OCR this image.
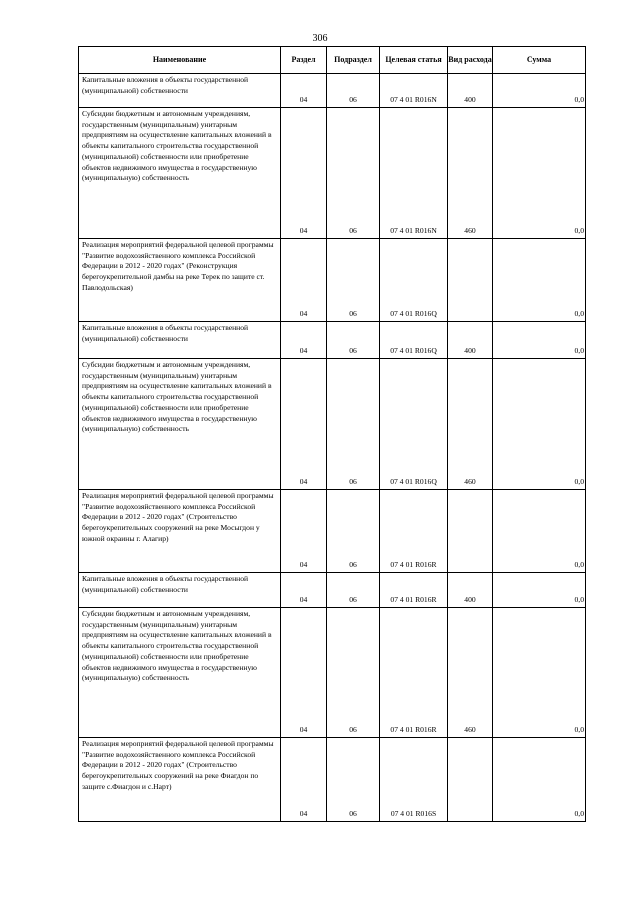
306
Наименование	Раздел	Подраздел	Целевая статья	Вид расхода	Сумма
Капитальные вложения в объекты государственной (муниципальной) собственности	04	06	07 4 01 R016N	400	0,0
Субсидии бюджетным и автономным учреждениям, государственным (муниципальным) унитарным предприятиям на осуществление капитальных вложений в объекты капитального строительства государственной (муниципальной) собственности или приобретение объектов недвижимого имущества в государственную (муниципальную) собственность	04	06	07 4 01 R016N	460	0,0
Реализация мероприятий федеральной целевой программы "Развитие водохозяйственного комплекса Российской Федерации в 2012 - 2020 годах" (Реконструкция берегоукрепительной дамбы на реке Терек по защите ст. Павлодольская)	04	06	07 4 01 R016Q		0,0
Капитальные вложения в объекты государственной (муниципальной) собственности	04	06	07 4 01 R016Q	400	0,0
Субсидии бюджетным и автономным учреждениям, государственным (муниципальным) унитарным предприятиям на осуществление капитальных вложений в объекты капитального строительства государственной (муниципальной) собственности или приобретение объектов недвижимого имущества в государственную (муниципальную) собственность	04	06	07 4 01 R016Q	460	0,0
Реализация мероприятий федеральной целевой программы "Развитие водохозяйственного комплекса Российской Федерации в 2012 - 2020 годах" (Строительство берегоукрепительных сооружений на реке Мосыгдон у южной окраины г. Алагир)	04	06	07 4 01 R016R		0,0
Капитальные вложения в объекты государственной (муниципальной) собственности	04	06	07 4 01 R016R	400	0,0
Субсидии бюджетным и автономным учреждениям, государственным (муниципальным) унитарным предприятиям на осуществление капитальных вложений в объекты капитального строительства государственной (муниципальной) собственности или приобретение объектов недвижимого имущества в государственную (муниципальную) собственность	04	06	07 4 01 R016R	460	0,0
Реализация мероприятий федеральной целевой программы "Развитие водохозяйственного комплекса Российской Федерации в 2012 - 2020 годах" (Строительство берегоукрепительных сооружений на реке Фиагдон по защите с.Фиагдон и с.Нарт)	04	06	07 4 01 R016S		0,0
